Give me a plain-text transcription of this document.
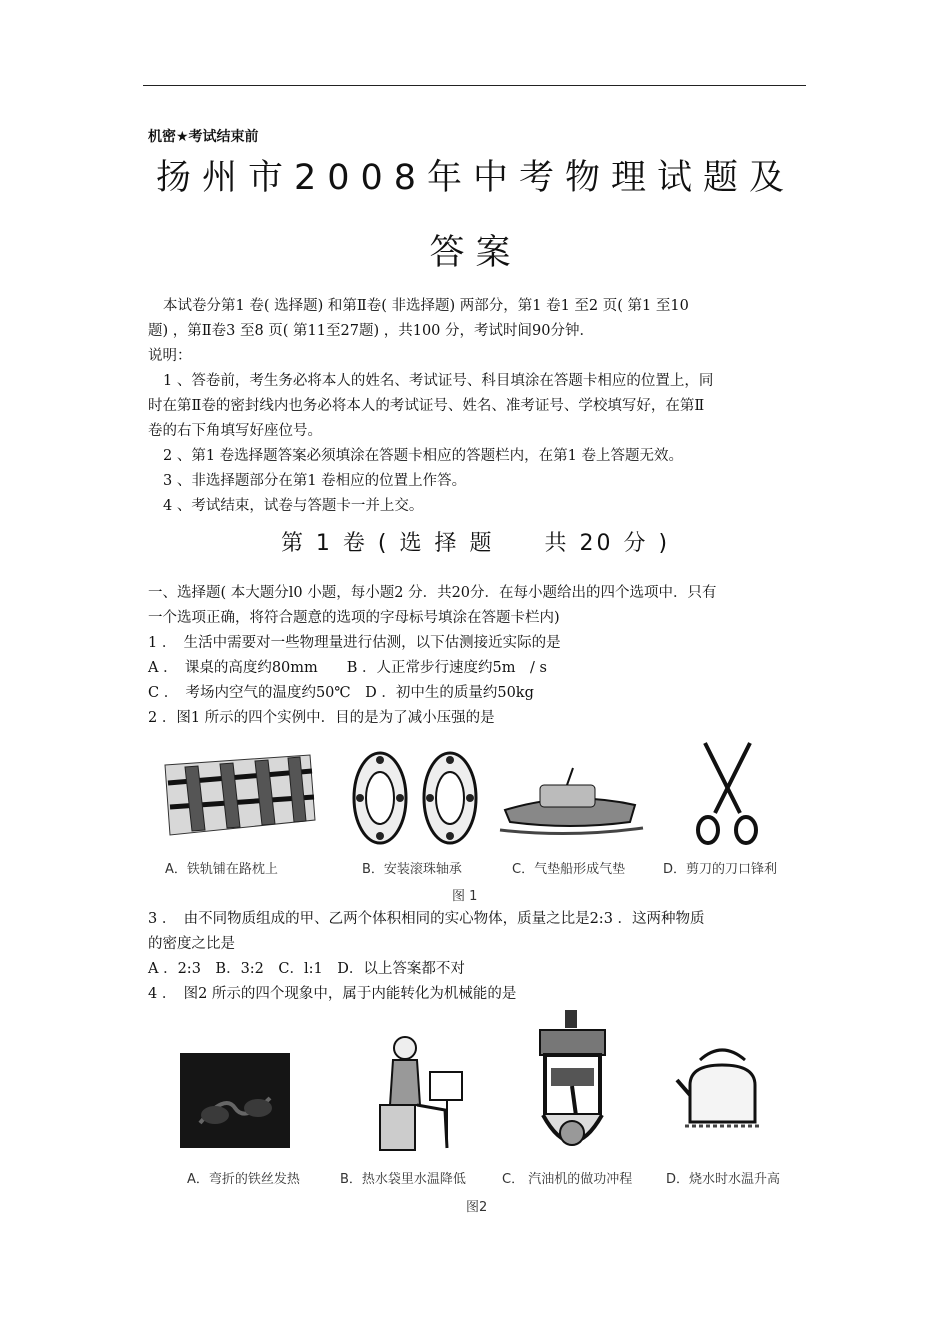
机密★考试结束前
扬州市2008年中考物理试题及
答案
本试卷分第1 卷( 选择题) 和第Ⅱ卷( 非选择题) 两部分，第1 卷1 至2 页( 第1 至10
题) ，第Ⅱ卷3 至8 页( 第11至27题) ，共100 分，考试时间90分钟．
说明：
1 、答卷前，考生务必将本人的姓名、考试证号、科目填涂在答题卡相应的位置上，同
时在第Ⅱ卷的密封线内也务必将本人的考试证号、姓名、准考证号、学校填写好，在第Ⅱ
卷的右下角填写好座位号。
2 、第1 卷选择题答案必须填涂在答题卡相应的答题栏内，在第1 卷上答题无效。
3 、非选择题部分在第1 卷相应的位置上作答。
4 、考试结束，试卷与答题卡一并上交。
第 1 卷 ( 选 择 题　　共 20 分 )
一、选择题( 本大题分l0 小题，每小题2 分．共20分．在每小题给出的四个选项中．只有
一个选项正确，将符合题意的选项的字母标号填涂在答题卡栏内)
1 ．　生活中需要对一些物理量进行估测，以下估测接近实际的是
A ．　课桌的高度约80mm　　B ．人正常步行速度约5m　/ s
C ．　考场内空气的温度约50℃　D ．初中生的质量约50kg
2 ．图1 所示的四个实例中．目的是为了减小压强的是
A．铁轨铺在路枕上	B．安装滚珠轴承	C．气垫船形成气垫	D．剪刀的刀口锋利
图 1
3 ．　由不同物质组成的甲、乙两个体积相同的实心物体，质量之比是2:3 ．这两种物质
的密度之比是
A ．2:3　B．3:2　C．l:1　D．以上答案都不对
4 ．　图2 所示的四个现象中，属于内能转化为机械能的是
A．弯折的铁丝发热	B．热水袋里水温降低	C． 汽油机的做功冲程	D．烧水时水温升高
图2
